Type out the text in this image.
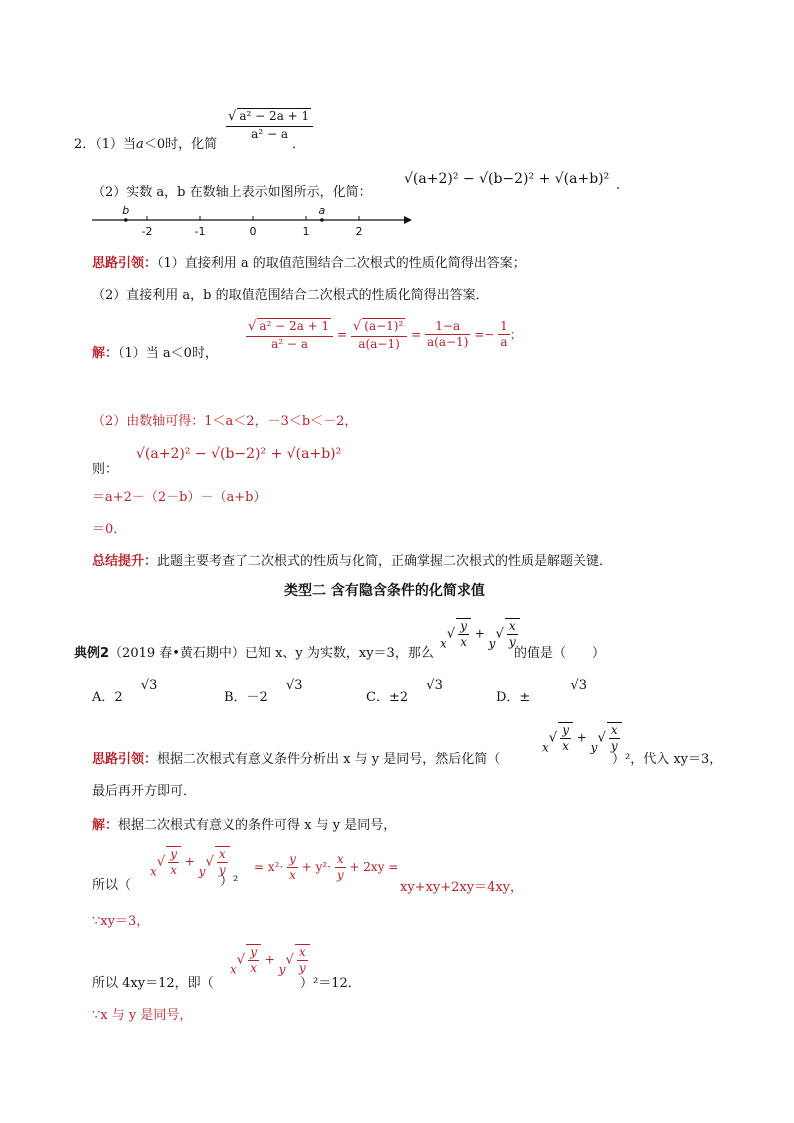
2．（1）当a＜0时，化简
$\frac{\text{√ a² − 2a + 1}}{\text{a² − a}}$
．
（2）实数 a，b 在数轴上表示如图所示，化简：
√(a+2)² − √(b−2)² + √(a+b)² .
-2	-1	0	1	2
b	a
思路引领：（1）直接利用 a 的取值范围结合二次根式的性质化简得出答案；
（2）直接利用 a，b 的取值范围结合二次根式的性质化简得出答案．
解：（1）当 a＜0时，
$\frac{\text{√ a² − 2a + 1}}{\text{a² − a}} = \frac{\text{√ (a−1)²}}{a(a-1)} = \frac{1-a}{a(a-1)} =- \frac{1}{a}$ ；
（2）由数轴可得：1＜a＜2，－3＜b＜－2，
则：
√(a+2)² − √(b−2)² + √(a+b)²
＝a+2－（2－b）－（a+b）
＝0．
总结提升：此题主要考查了二次根式的性质与化简，正确掌握二次根式的性质是解题关键．
类型二 含有隐含条件的化简求值
典例2（2019 春•黄石期中）已知 x、y 为实数，xy＝3，那么
$x√ \frac{y}{x} + y√ \frac{x}{y}$
的值是（　　）
A．2 √3
B．－2 √3
C．±2 √3
D．± √3
思路引领：根据二次根式有意义条件分析出 x 与 y 是同号，然后化简（
$x√ \frac{y}{x} + y√ \frac{x}{y}$
）²，代入 xy＝3，
最后再开方即可．
解：根据二次根式有意义的条件可得 x 与 y 是同号，
所以（
$x√ \frac{y}{x} + y√ \frac{x}{y}$
）²
= $x^2\cdot \frac{y}{x} + y^2\cdot \frac{x}{y} + 2xy$ =
xy+xy+2xy＝4xy，
∵xy＝3，
所以 4xy＝12，即（
$x√ \frac{y}{x} + y√ \frac{x}{y}$
）²＝12．
∵x 与 y 是同号，
